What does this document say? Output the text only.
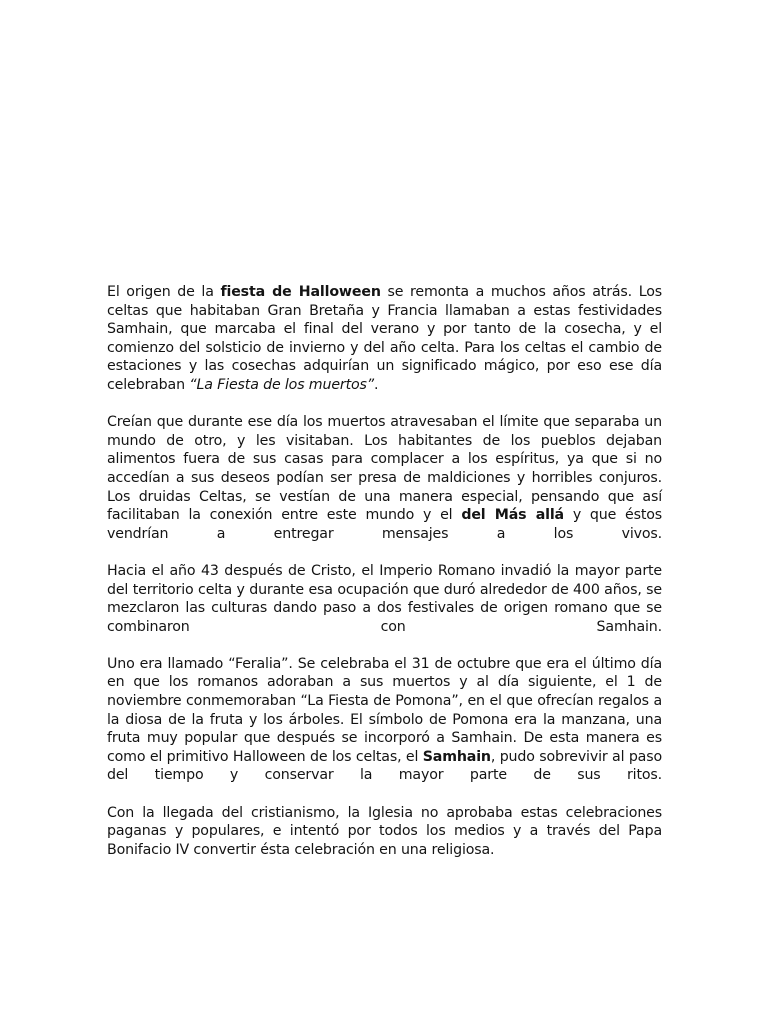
El origen de la fiesta de Halloween se remonta a muchos años atrás. Los celtas que habitaban Gran Bretaña y Francia llamaban a estas festividades Samhain, que marcaba el final del verano y por tanto de la cosecha, y el comienzo del solsticio de invierno y del año celta. Para los celtas el cambio de estaciones y las cosechas adquirían un significado mágico, por eso ese día celebraban “La Fiesta de los muertos”.

Creían que durante ese día los muertos atravesaban el límite que separaba un mundo de otro, y les visitaban. Los habitantes de los pueblos dejaban alimentos fuera de sus casas para complacer a los espíritus, ya que si no accedían a sus deseos podían ser presa de maldiciones y horribles conjuros. Los druidas Celtas, se vestían de una manera especial, pensando que así facilitaban la conexión entre este mundo y el del Más allá y que éstos vendrían a entregar mensajes a los vivos.

Hacia el año 43 después de Cristo, el Imperio Romano invadió la mayor parte del territorio celta y durante esa ocupación que duró alrededor de 400 años, se mezclaron las culturas dando paso a dos festivales de origen romano que se combinaron con Samhain.

Uno era llamado “Feralia”. Se celebraba el 31 de octubre que era el último día en que los romanos adoraban a sus muertos y al día siguiente, el 1 de noviembre conmemoraban “La Fiesta de Pomona”, en el que ofrecían regalos a la diosa de la fruta y los árboles. El símbolo de Pomona era la manzana, una fruta muy popular que después se incorporó a Samhain. De esta manera es como el primitivo Halloween de los celtas, el Samhain, pudo sobrevivir al paso del tiempo y conservar la mayor parte de sus ritos.

Con la llegada del cristianismo, la Iglesia no aprobaba estas celebraciones paganas y populares, e intentó por todos los medios y a través del Papa Bonifacio IV convertir ésta celebración en una religiosa.
